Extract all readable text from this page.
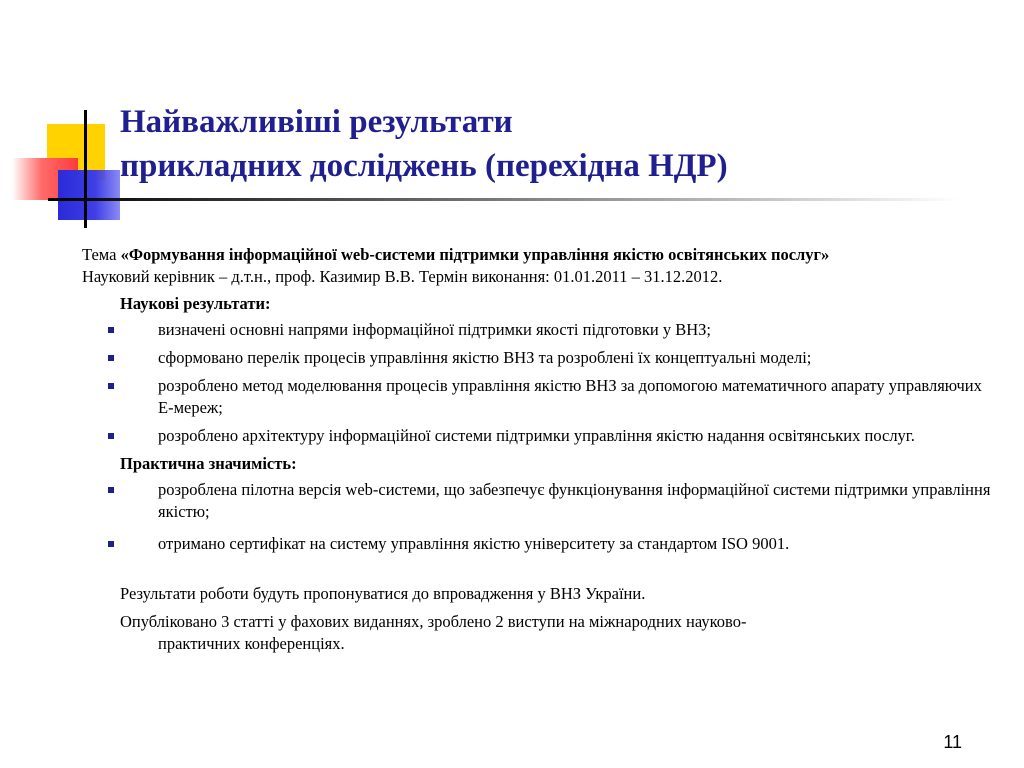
Найважливіші результати
прикладних досліджень (перехідна НДР)

Тема «Формування інформаційної web-системи підтримки управління якістю освітянських послуг»

Науковий керівник – д.т.н., проф. Казимир В.В. Термін виконання: 01.01.2011 – 31.12.2012.

Наукові результати:

визначені основні напрями інформаційної підтримки якості підготовки у ВНЗ;
сформовано перелік процесів управління якістю ВНЗ та розроблені їх концептуальні моделі;
розроблено метод моделювання процесів управління якістю ВНЗ за допомогою математичного апарату управляючих Е-мереж;
розроблено архітектуру інформаційної системи підтримки управління якістю надання освітянських послуг.

Практична значимість:

розроблена пілотна версія web-системи, що забезпечує функціонування інформаційної системи підтримки управління якістю;
отримано сертифікат на систему управління якістю університету за стандартом ISO 9001.

Результати роботи будуть пропонуватися до впровадження у ВНЗ України.

Опубліковано 3 статті у фахових виданнях, зроблено 2 виступи на міжнародних науково-
практичних конференціях.

11
